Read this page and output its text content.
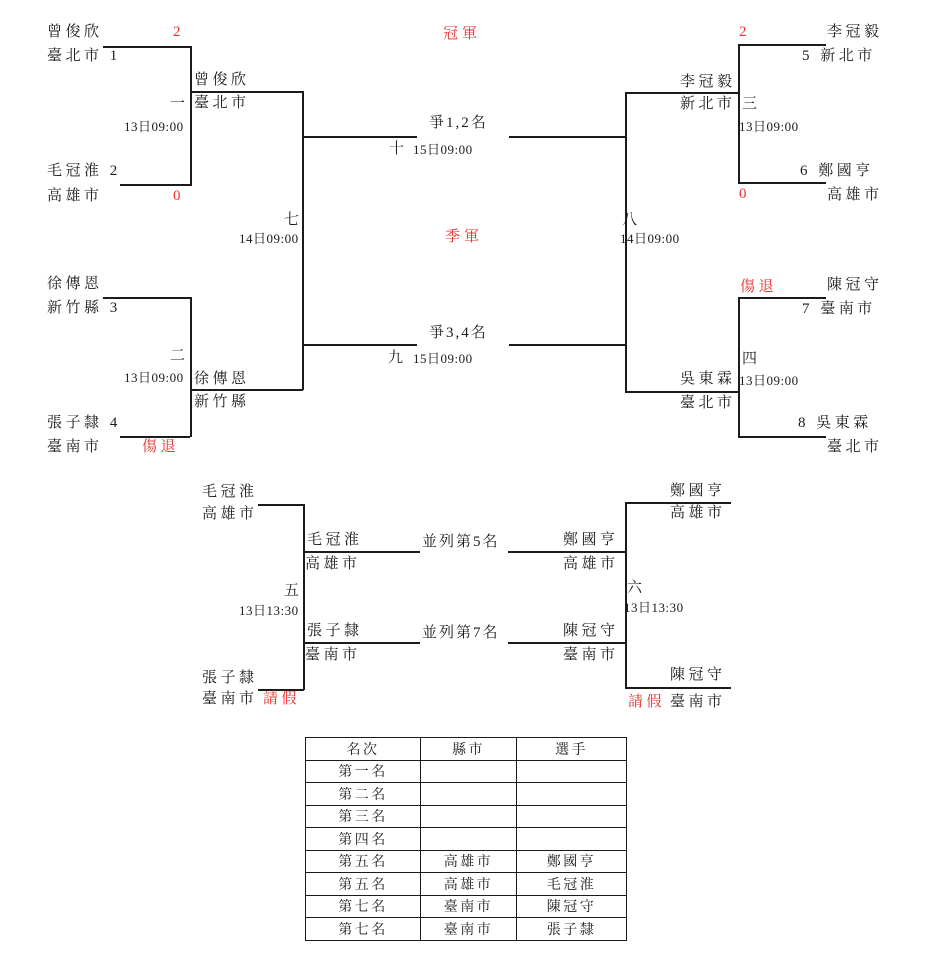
曾俊欣	2
臺北市 1
毛冠淮 2
高雄市	0
一
13日09:00
曾俊欣
臺北市
七
14日09:00
徐傳恩
新竹縣 3
張子隸 4
臺南市	傷退
二
13日09:00 徐傳恩
新竹縣
冠軍
爭1,2名
十 15日09:00
季軍
爭3,4名
九 15日09:00
2	李冠毅
5 新北市
6 鄭國亨
高雄市
0
三
13日09:00
李冠毅
新北市
八
14日09:00
傷退	陳冠守
7 臺南市
四
13日09:00
8 吳東霖
臺北市
吳東霖
臺北市
毛冠淮
高雄市
五
13日13:30
張子隸
臺南市 請假
毛冠淮
高雄市
張子隸
臺南市
並列第5名
並列第7名
鄭國亨
高雄市
六
13日13:30
陳冠守
請假 臺南市
鄭國亨
高雄市
陳冠守
臺南市
名次	縣市	選手
第一名		
第二名		
第三名		
第四名		
第五名	高雄市	鄭國亨
第五名	高雄市	毛冠淮
第七名	臺南市	陳冠守
第七名	臺南市	張子隸
